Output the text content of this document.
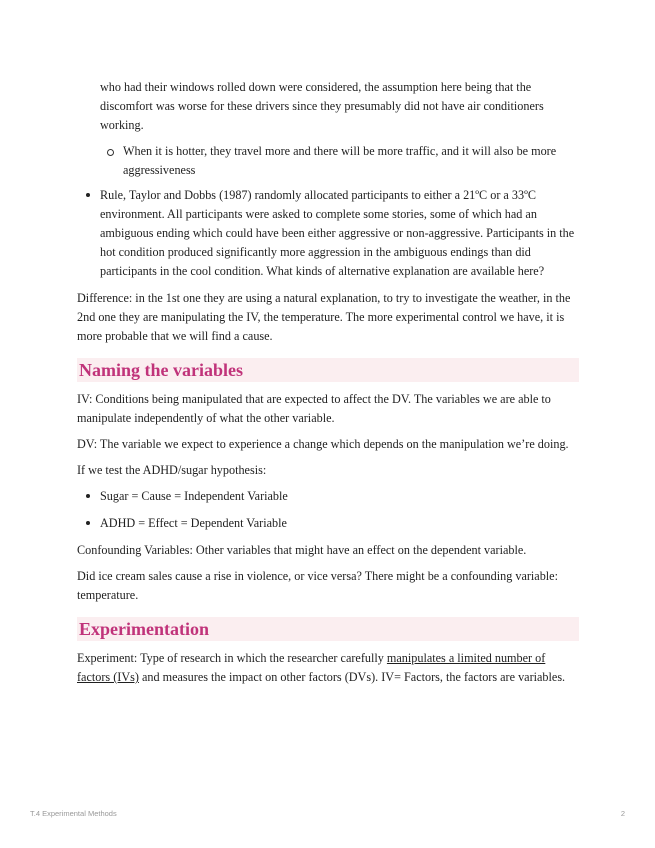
who had their windows rolled down were considered, the assumption here being that the discomfort was worse for these drivers since they presumably did not have air conditioners working.

When it is hotter, they travel more and there will be more traffic, and it will also be more aggressiveness
Rule, Taylor and Dobbs (1987) randomly allocated participants to either a 21ºC or a 33ºC environment. All participants were asked to complete some stories, some of which had an ambiguous ending which could have been either aggressive or non-aggressive. Participants in the hot condition produced significantly more aggression in the ambiguous endings than did participants in the cool condition. What kinds of alternative explanation are available here?

Difference: in the 1st one they are using a natural explanation, to try to investigate the weather, in the 2nd one they are manipulating the IV, the temperature. The more experimental control we have, it is more probable that we will find a cause.

Naming the variables

IV: Conditions being manipulated that are expected to affect the DV. The variables we are able to manipulate independently of what the other variable.

DV: The variable we expect to experience a change which depends on the manipulation we’re doing.

If we test the ADHD/sugar hypothesis:

Sugar = Cause = Independent Variable
ADHD = Effect = Dependent Variable

Confounding Variables: Other variables that might have an effect on the dependent variable.

Did ice cream sales cause a rise in violence, or vice versa? There might be a confounding variable: temperature.

Experimentation

Experiment: Type of research in which the researcher carefully manipulates a limited number of factors (IVs) and measures the impact on other factors (DVs). IV= Factors, the factors are variables.

T.4 Experimental Methods	2
